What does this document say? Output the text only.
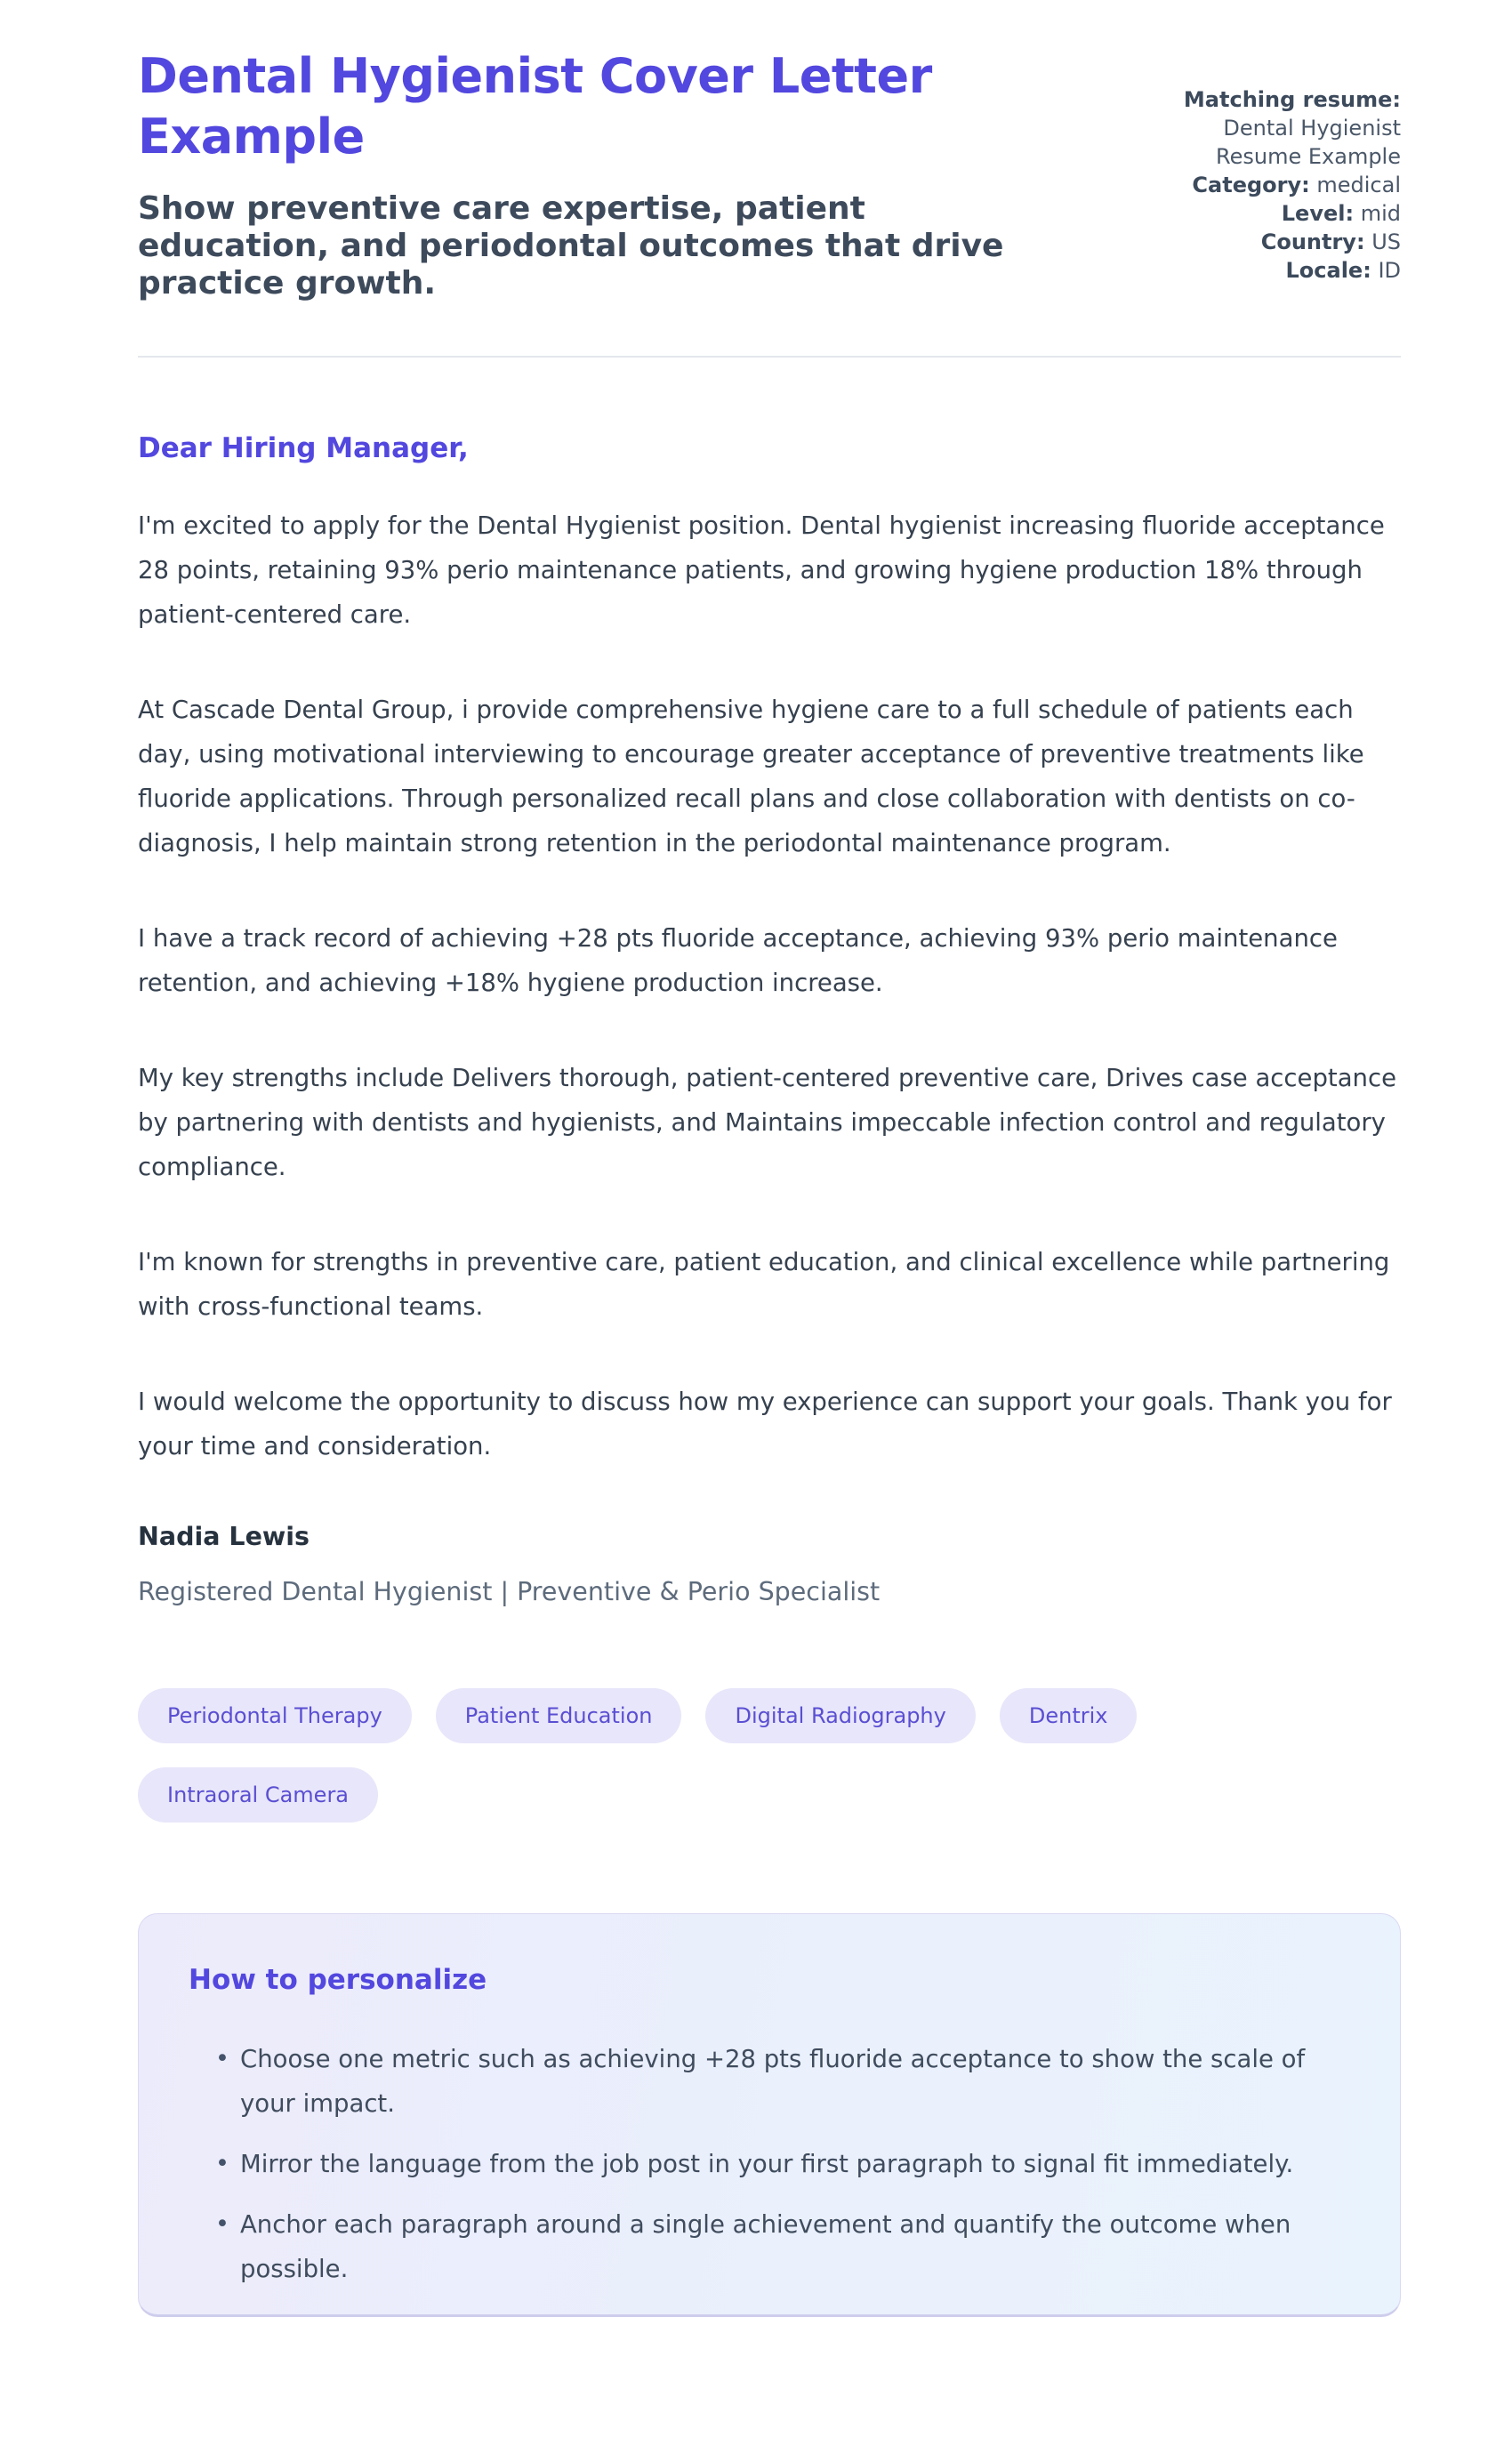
Dental Hygienist Cover Letter Example

Show preventive care expertise, patient education, and periodontal outcomes that drive practice growth.

Matching resume:
Dental Hygienist Resume Example
Category: medical
Level: mid
Country: US
Locale: ID

Dear Hiring Manager,

I'm excited to apply for the Dental Hygienist position. Dental hygienist increasing fluoride acceptance 28 points, retaining 93% perio maintenance patients, and growing hygiene production 18% through patient-centered care.

At Cascade Dental Group, i provide comprehensive hygiene care to a full schedule of patients each day, using motivational interviewing to encourage greater acceptance of preventive treatments like fluoride applications. Through personalized recall plans and close collaboration with dentists on co-diagnosis, I help maintain strong retention in the periodontal maintenance program.

I have a track record of achieving +28 pts fluoride acceptance, achieving 93% perio maintenance retention, and achieving +18% hygiene production increase.

My key strengths include Delivers thorough, patient-centered preventive care, Drives case acceptance by partnering with dentists and hygienists, and Maintains impeccable infection control and regulatory compliance.

I'm known for strengths in preventive care, patient education, and clinical excellence while partnering with cross-functional teams.

I would welcome the opportunity to discuss how my experience can support your goals. Thank you for your time and consideration.

Nadia Lewis

Registered Dental Hygienist | Preventive & Perio Specialist

Periodontal Therapy	Patient Education	Digital Radiography	Dentrix
Intraoral Camera
How to personalize
• Choose one metric such as achieving +28 pts fluoride acceptance to show the scale of your impact.
• Mirror the language from the job post in your first paragraph to signal fit immediately.
• Anchor each paragraph around a single achievement and quantify the outcome when possible.
